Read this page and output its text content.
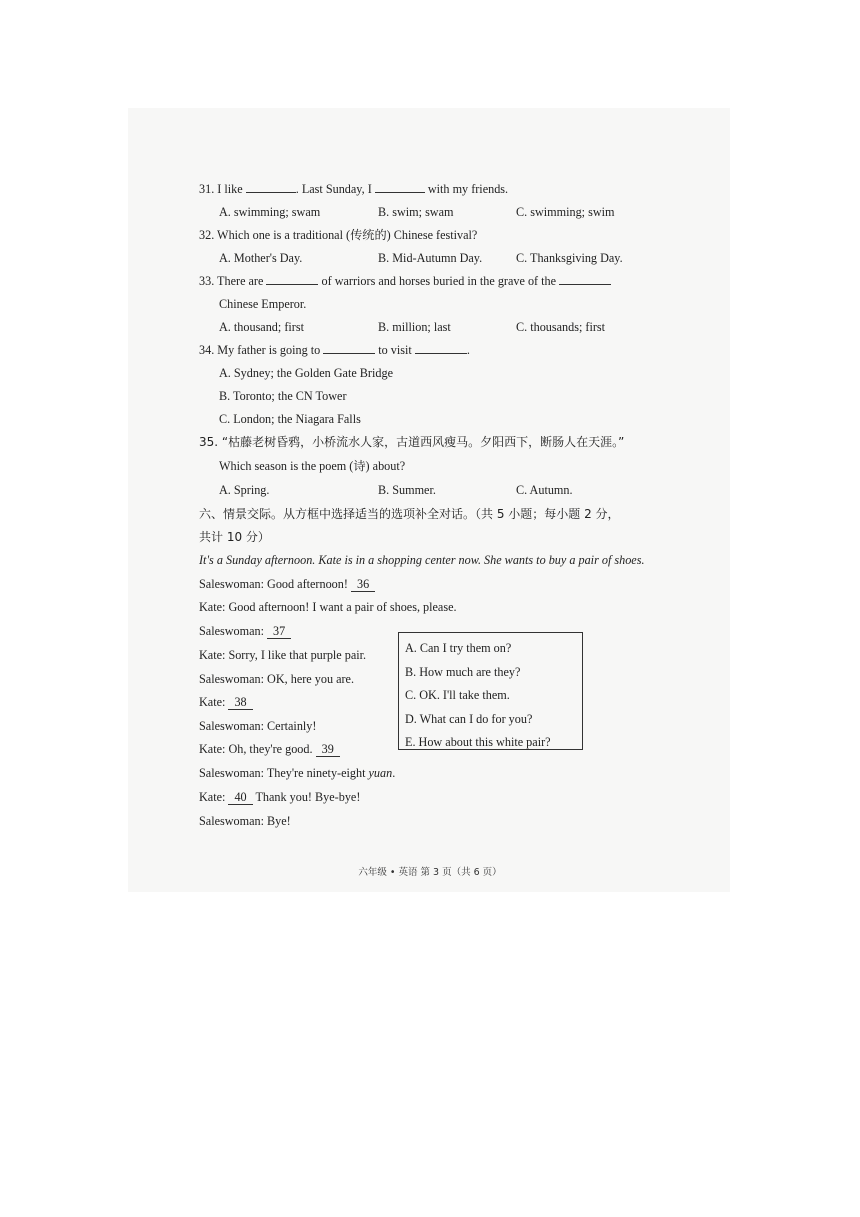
31. I like	. Last Sunday, I	with my friends.
A. swimming; swam	B. swim; swam	C. swimming; swim
32. Which one is a traditional (传统的) Chinese festival?
A. Mother's Day.	B. Mid-Autumn Day.	C. Thanksgiving Day.
33. There are	of warriors and horses buried in the grave of the
Chinese Emperor.
A. thousand; first	B. million; last	C. thousands; first
34. My father is going to	to visit	.
A. Sydney; the Golden Gate Bridge
B. Toronto; the CN Tower
C. London; the Niagara Falls
35. “枯藤老树昏鸦，小桥流水人家，古道西风瘦马。夕阳西下，断肠人在天涯。”
Which season is the poem (诗) about?
A. Spring.	B. Summer.	C. Autumn.
六、情景交际。从方框中选择适当的选项补全对话。（共 5 小题；每小题 2 分，
共计 10 分）
It's a Sunday afternoon. Kate is in a shopping center now. She wants to buy a pair of shoes.
Saleswoman: Good afternoon! 36
Kate: Good afternoon! I want a pair of shoes, please.
Saleswoman: 37
Kate: Sorry, I like that purple pair.
Saleswoman: OK, here you are.
Kate: 38
Saleswoman: Certainly!
Kate: Oh, they're good. 39
Saleswoman: They're ninety-eight yuan.
Kate: 40 Thank you! Bye-bye!
Saleswoman: Bye!
A. Can I try them on?
B. How much are they?
C. OK. I'll take them.
D. What can I do for you?
E. How about this white pair?
六年级 • 英语 第 3 页（共 6 页）
